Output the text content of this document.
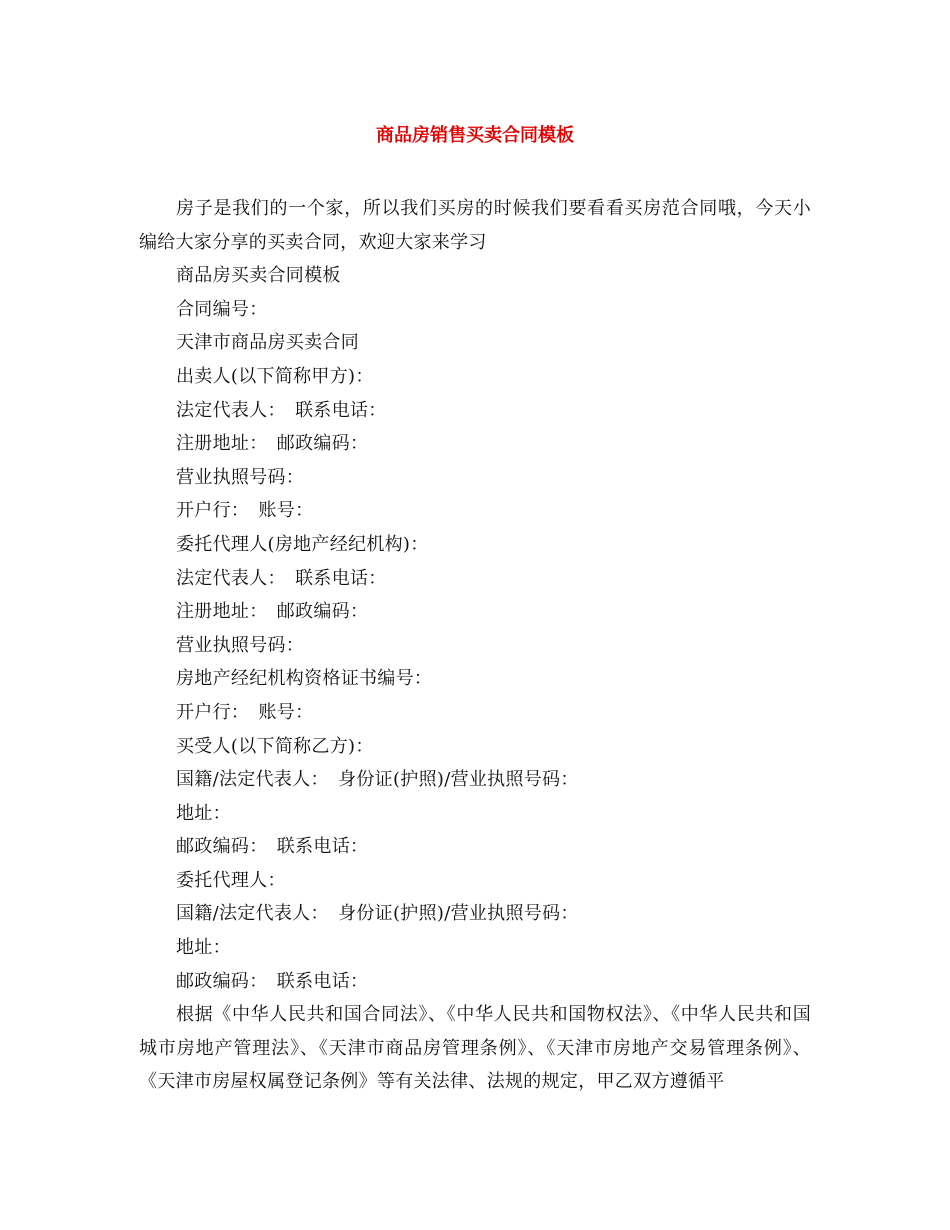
商品房销售买卖合同模板

房子是我们的一个家，所以我们买房的时候我们要看看买房范合同哦，今天小编给大家分享的买卖合同，欢迎大家来学习

商品房买卖合同模板

合同编号：

天津市商品房买卖合同

出卖人(以下简称甲方)：

法定代表人：　联系电话：

注册地址：　邮政编码：

营业执照号码：

开户行：　账号：

委托代理人(房地产经纪机构)：

法定代表人：　联系电话：

注册地址：　邮政编码：

营业执照号码：

房地产经纪机构资格证书编号：

开户行：　账号：

买受人(以下简称乙方)：

国籍/法定代表人：　身份证(护照)/营业执照号码：

地址：

邮政编码：　联系电话：

委托代理人：

国籍/法定代表人：　身份证(护照)/营业执照号码：

地址：

邮政编码：　联系电话：

根据《中华人民共和国合同法》、《中华人民共和国物权法》、《中华人民共和国城市房地产管理法》、《天津市商品房管理条例》、《天津市房地产交易管理条例》、《天津市房屋权属登记条例》等有关法律、法规的规定，甲乙双方遵循平
